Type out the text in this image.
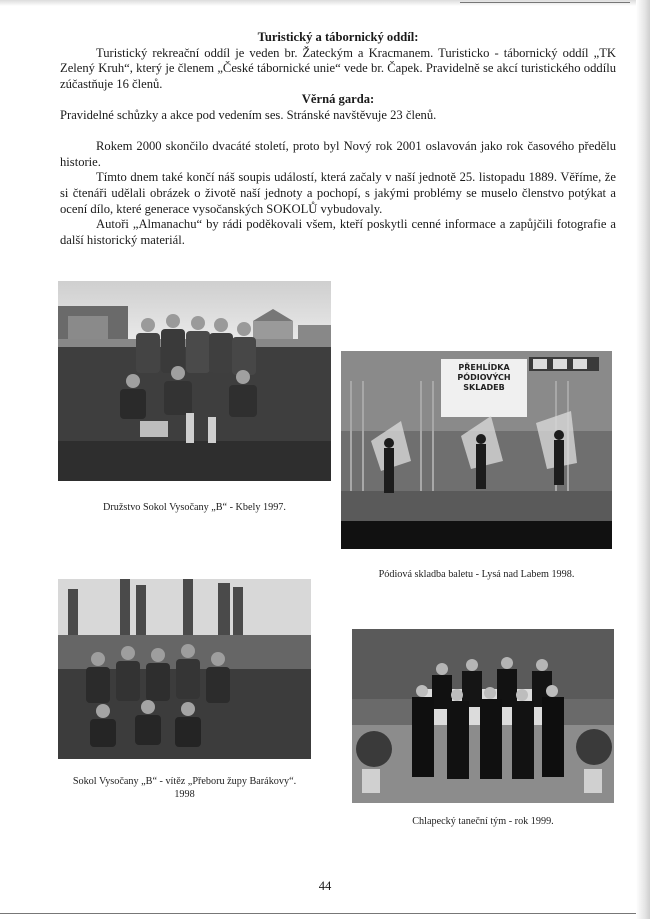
Turistický a tábornický oddíl:

Turistický rekreační oddíl je veden br. Žateckým a Kracmanem. Turisticko - tábornický oddíl „TK Zelený Kruh“, který je členem „České tábornické unie“ vede br. Čapek. Pravidelně se akcí turistického oddílu zúčastňuje 16 členů.

Věrná garda:

Pravidelné schůzky a akce pod vedením ses. Stránské navštěvuje 23 členů.

Rokem 2000 skončilo dvacáté století, proto byl Nový rok 2001 oslavován jako rok časového předělu historie.

Tímto dnem také končí náš soupis událostí, která začaly v naší jednotě 25. listopadu 1889. Věříme, že si čtenáři udělali obrázek o životě naší jednoty a pochopí, s jakými problémy se muselo členstvo potýkat a ocení dílo, které generace vysočanských SOKOLŮ vybudovaly.

Autoři „Almanachu“ by rádi poděkovali všem, kteří poskytli cenné informace a zapůjčili fotografie a další historický materiál.

Družstvo Sokol Vysočany „B“ - Kbely 1997.
PŘEHLÍDKA PÓDIOVÝCH SKLADEB
Pódiová skladba baletu - Lysá nad Labem 1998.
Sokol Vysočany „B“ - vítěz „Přeboru župy Barákovy“.
1998
Chlapecký taneční tým - rok 1999.
44
